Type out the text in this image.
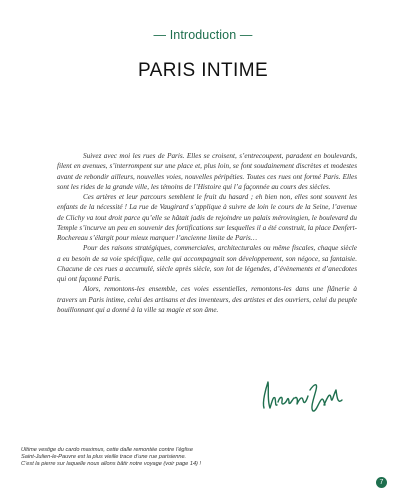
— Introduction —
PARIS INTIME

Suivez avec moi les rues de Paris. Elles se croisent, s’entrecoupent, paradent en boulevards, filent en avenues, s’interrompent sur une place et, plus loin, se font soudainement discrètes et modestes avant de rebondir ailleurs, nouvelles voies, nouvelles péripéties. Toutes ces rues ont formé Paris. Elles sont les rides de la grande ville, les témoins de l’Histoire qui l’a façonnée au cours des siècles.

Ces artères et leur parcours semblent le fruit du hasard ; eh bien non, elles sont souvent les enfants de la nécessité ! La rue de Vaugirard s’applique à suivre de loin le cours de la Seine, l’avenue de Clichy va tout droit parce qu’elle se hâtait jadis de rejoindre un palais mérovingien, le boulevard du Temple s’incurve un peu en souvenir des fortifications sur lesquelles il a été construit, la place Denfert-Rochereau s’élargit pour mieux marquer l’ancienne limite de Paris…

Pour des raisons stratégiques, commerciales, architecturales ou même fiscales, chaque siècle a eu besoin de sa voie spécifique, celle qui accompagnait son développement, son négoce, sa fantaisie. Chacune de ces rues a accumulé, siècle après siècle, son lot de légendes, d’évènements et d’anecdotes qui ont façonné Paris.

Alors, remontons-les ensemble, ces voies essentielles, remontons-les dans une flânerie à travers un Paris intime, celui des artisans et des inventeurs, des artistes et des ouvriers, celui du peuple bouillonnant qui a donné à la ville sa magie et son âme.

Ultime vestige du cardo maximus, cette dalle remontée contre l’église
Saint-Julien-le-Pauvre est la plus vieille trace d’une rue parisienne.
C’est la pierre sur laquelle nous allons bâtir notre voyage (voir page 14) !
7
